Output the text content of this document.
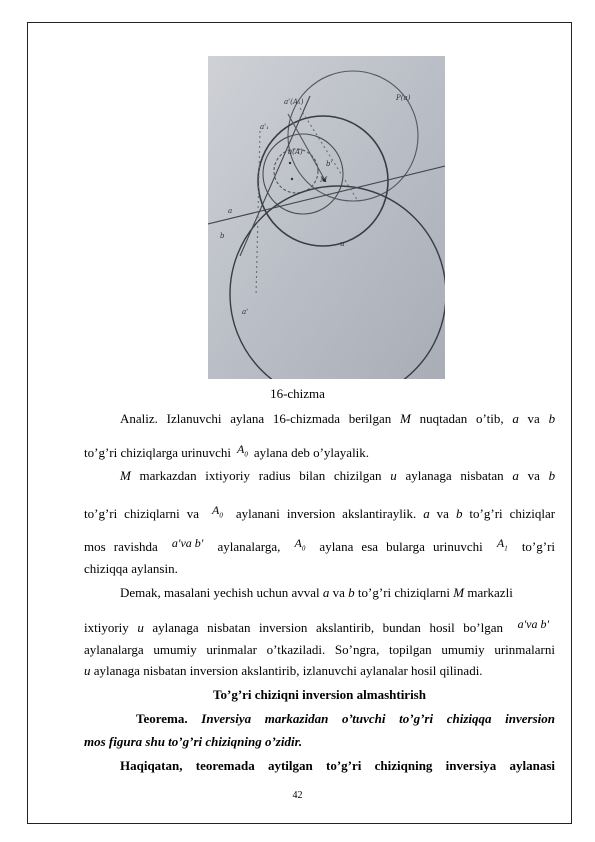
P(a)
a'(A₁)
a'₁
a(A)
b'
M
a
b
u
a'
16-chizma
Analiz. Izlanuvchi aylana 16-chizmada berilgan M nuqtadan o’tib, a va b
to’g’ri chiziqlarga urinuvchi $A_0$ aylana deb o’ylayalik.
M markazdan ixtiyoriy radius bilan chizilgan u aylanaga nisbatan a va b
to’g’ri chiziqlarni va $A_0$ aylanani inversion akslantiraylik. a va b to’g’ri chiziqlar
mos ravishda a'va b' aylanalarga, $A_0$ aylana esa bularga urinuvchi $A_1$ to’g’ri
chiziqqa aylansin.
Demak, masalani yechish uchun avval a va b to’g’ri chiziqlarni M markazli
ixtiyoriy u aylanaga nisbatan inversion akslantirib, bundan hosil bo’lgan a'va b'
aylanalarga umumiy urinmalar o’tkaziladi. So’ngra, topilgan umumiy urinmalarni
u aylanaga nisbatan inversion akslantirib, izlanuvchi aylanalar hosil qilinadi.
To’g’ri chiziqni inversion almashtirish
Teorema. Inversiya markazidan o’tuvchi to’g’ri chiziqqa inversion
mos figura shu to’g’ri chiziqning o’zidir.
Haqiqatan, teoremada aytilgan to’g’ri chiziqning inversiya aylanasi
42
